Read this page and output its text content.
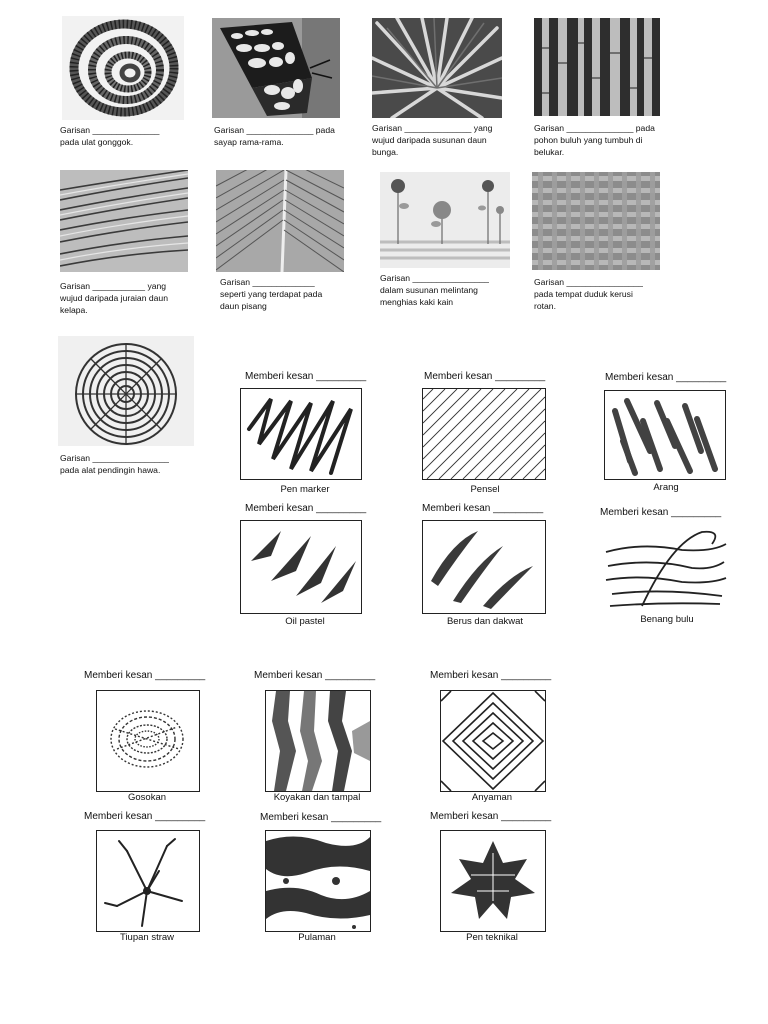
Garisan ______________
pada ulat gonggok.
Garisan ______________ pada
sayap rama-rama.
Garisan ______________ yang
wujud daripada susunan daun
bunga.
Garisan ______________ pada
pohon buluh yang tumbuh di
belukar.
Garisan ___________ yang
wujud daripada juraian daun
kelapa.
Garisan _____________
seperti yang terdapat pada
daun pisang
Garisan ________________
dalam susunan melintang
menghias kaki kain
Garisan ________________
pada tempat duduk kerusi
rotan.
Garisan ________________
pada alat pendingin hawa.
Memberi kesan _________
Pen marker
Memberi kesan _________
Pensel
Memberi kesan _________
Arang
Memberi kesan _________
Oil pastel
Memberi kesan _________
Berus dan dakwat
Memberi kesan _________
Benang bulu
Memberi kesan _________
Gosokan
Memberi kesan _________
Koyakan dan tampal
Memberi kesan _________
Anyaman
Memberi kesan _________
Tiupan straw
Memberi kesan _________
Pulaman
Memberi kesan _________
Pen teknikal
